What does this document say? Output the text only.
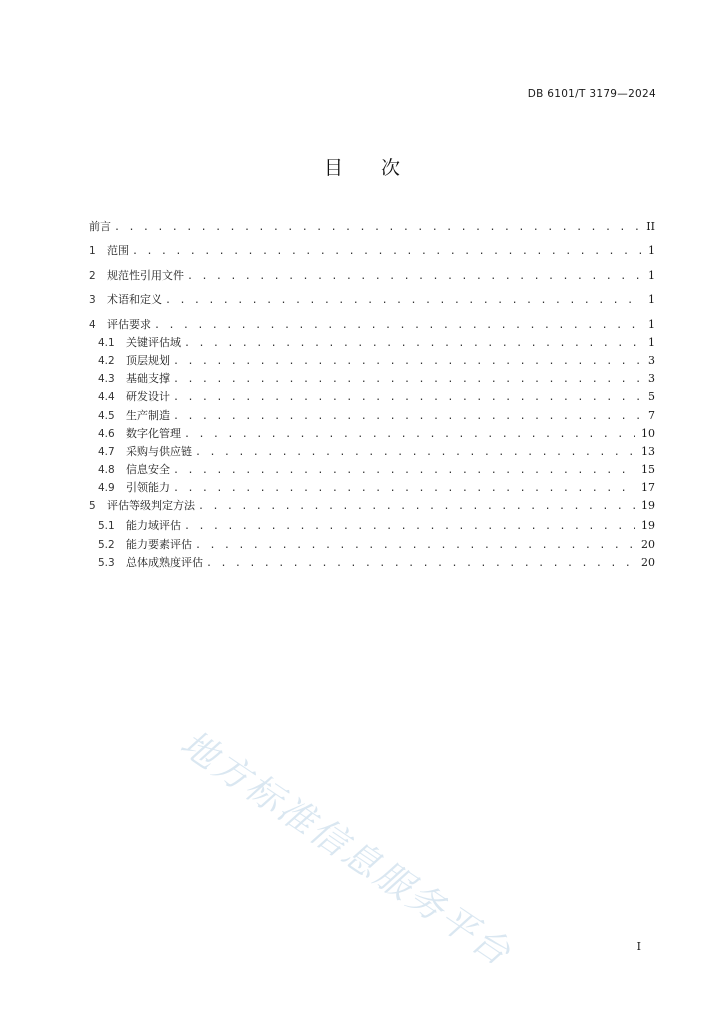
DB 6101/T 3179—2024
目 次
前言 . . .	II
1	范围 . . .	1
2	规范性引用文件 . . .	1
3	术语和定义 . . .	1
4	评估要求 . . .	1
4.1	关键评估域 . . .	1
4.2	顶层规划 . . .	3
4.3	基础支撑 . . .	3
4.4	研发设计 . . .	5
4.5	生产制造 . . .	7
4.6	数字化管理 . . .	10
4.7	采购与供应链 . . .	13
4.8	信息安全 . . .	15
4.9	引领能力 . . .	17
5	评估等级判定方法 . . .	19
5.1	能力域评估 . . .	19
5.2	能力要素评估 . . .	20
5.3	总体成熟度评估 . . .	20
地方标准信息服务平台	I
